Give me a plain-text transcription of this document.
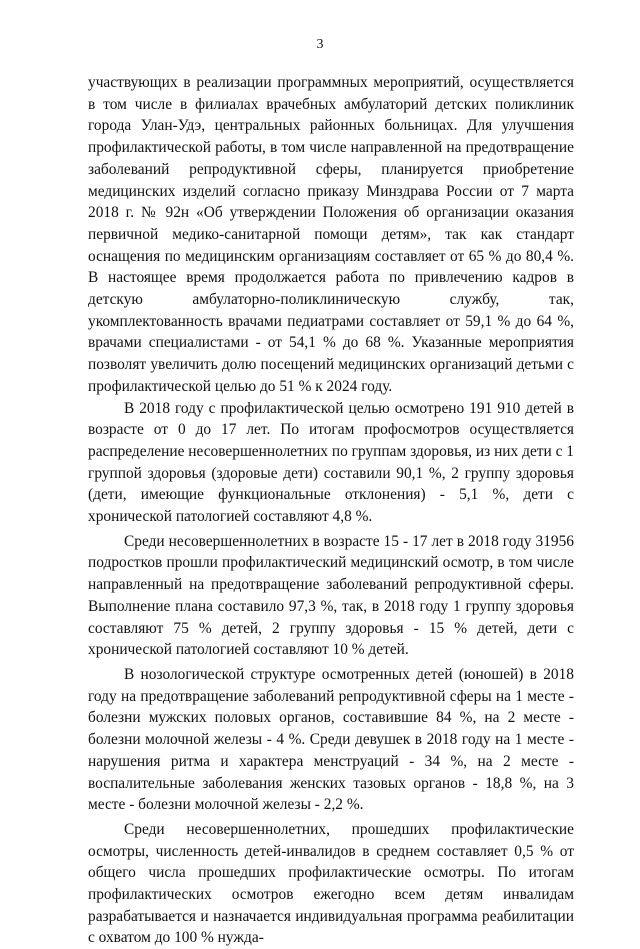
3

участвующих в реализации программных мероприятий, осуществляется в том числе в филиалах врачебных амбулаторий детских поликлиник города Улан-Удэ, центральных районных больницах. Для улучшения профилактической работы, в том числе направленной на предотвращение заболеваний репродуктивной сферы, планируется приобретение медицинских изделий согласно приказу Минздрава России от 7 марта 2018 г. № 92н «Об утверждении Положения об организации оказания первичной медико-санитарной помощи детям», так как стандарт оснащения по медицинским организациям составляет от 65 % до 80,4 %. В настоящее время продолжается работа по привлечению кадров в детскую амбулаторно-поликлиническую службу, так, укомплектованность врачами педиатрами составляет от 59,1 % до 64 %, врачами специалистами - от 54,1 % до 68 %. Указанные мероприятия позволят увеличить долю посещений медицинских организаций детьми с профилактической целью до 51 % к 2024 году.

В 2018 году с профилактической целью осмотрено 191 910 детей в возрасте от 0 до 17 лет. По итогам профосмотров осуществляется распределение несовершеннолетних по группам здоровья, из них дети с 1 группой здоровья (здоровые дети) составили 90,1 %, 2 группу здоровья (дети, имеющие функциональные отклонения) - 5,1 %, дети с хронической патологией составляют 4,8 %.

Среди несовершеннолетних в возрасте 15 - 17 лет в 2018 году 31956 подростков прошли профилактический медицинский осмотр, в том числе направленный на предотвращение заболеваний репродуктивной сферы. Выполнение плана составило 97,3 %, так, в 2018 году 1 группу здоровья составляют 75 % детей, 2 группу здоровья - 15 % детей, дети с хронической патологией составляют 10 % детей.

В нозологической структуре осмотренных детей (юношей) в 2018 году на предотвращение заболеваний репродуктивной сферы на 1 месте - болезни мужских половых органов, составившие 84 %, на 2 месте - болезни молочной железы - 4 %. Среди девушек в 2018 году на 1 месте - нарушения ритма и характера менструаций - 34 %, на 2 месте - воспалительные заболевания женских тазовых органов - 18,8 %, на 3 месте - болезни молочной железы - 2,2 %.

Среди несовершеннолетних, прошедших профилактические осмотры, численность детей-инвалидов в среднем составляет 0,5 % от общего числа прошедших профилактические осмотры. По итогам профилактических осмотров ежегодно всем детям инвалидам разрабатывается и назначается индивидуальная программа реабилитации с охватом до 100 % нужда-
